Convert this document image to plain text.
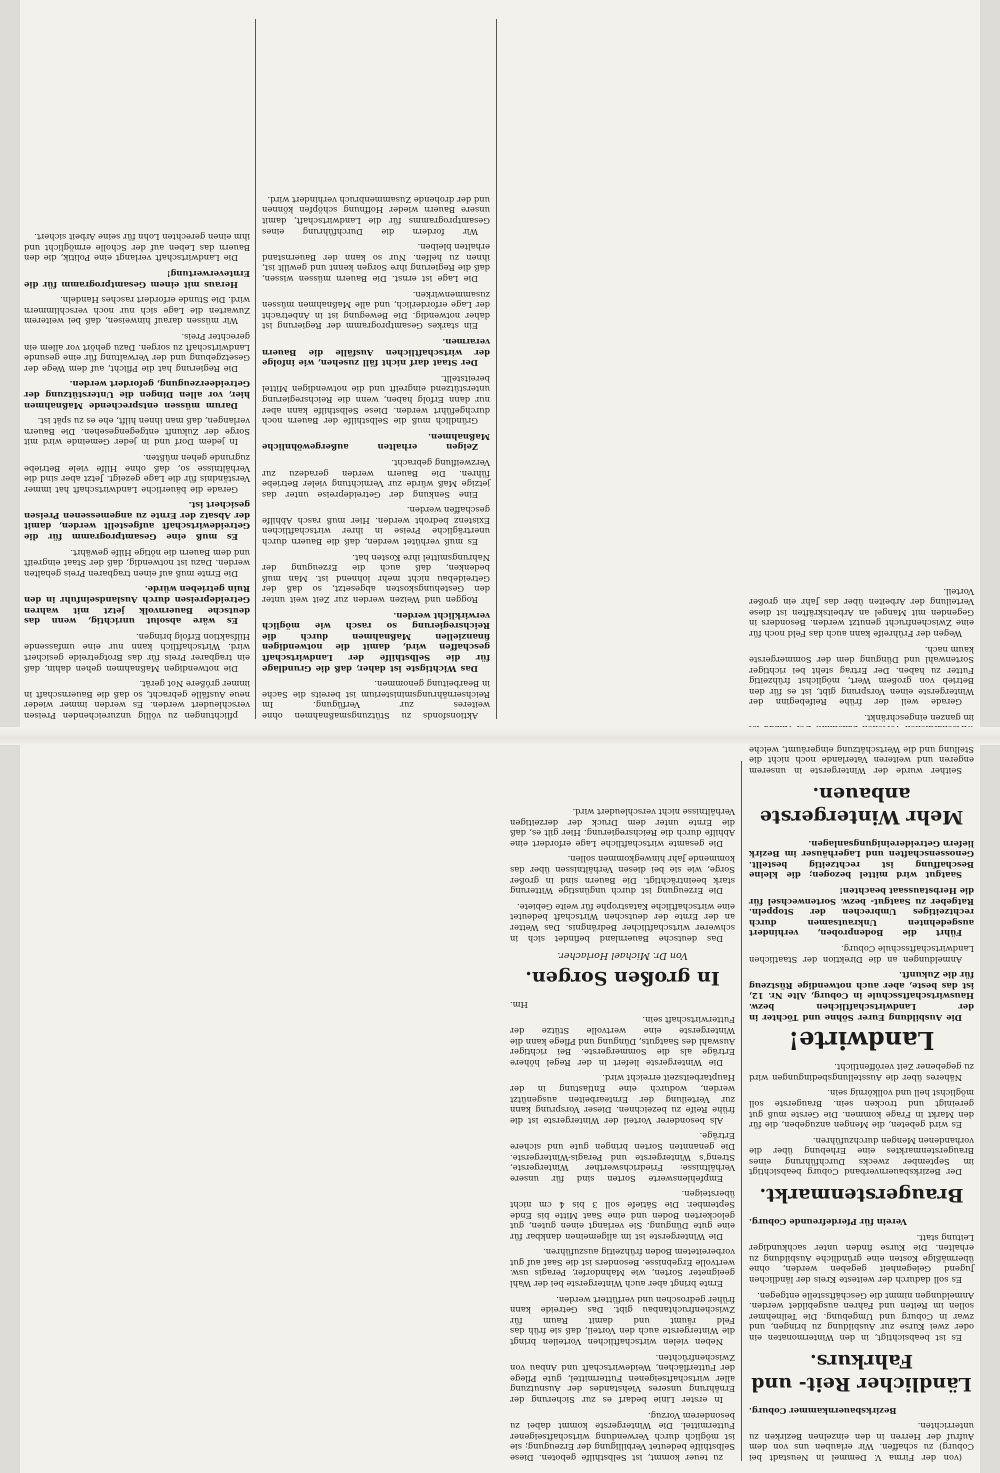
(von der Firma V. Demmel in Neustadt bei Coburg) zu schaffen. Wir erlauben uns von dem Aufruf der Herren in den einzelnen Bezirken zu unterrichten.

Bezirksbauernkammer Coburg.

Ländlicher Reit- und Fahrkurs.

Es ist beabsichtigt, in den Wintermonaten ein oder zwei Kurse zur Ausbildung zu bringen, und zwar in Coburg und Umgebung. Die Teilnehmer sollen im Reiten und Fahren ausgebildet werden. Anmeldungen nimmt die Geschäftsstelle entgegen.

Es soll dadurch der weiteste Kreis der ländlichen Jugend Gelegenheit gegeben werden, ohne übermäßige Kosten eine gründliche Ausbildung zu erhalten. Die Kurse finden unter sachkundiger Leitung statt.

Verein für Pferdefreunde Coburg.

Braugerstenmarkt.

Der Bezirksbauernverband Coburg beabsichtigt im September zwecks Durchführung eines Braugerstenmarktes eine Erhebung über die vorhandenen Mengen durchzuführen.

Es wird gebeten, die Mengen anzugeben, die für den Markt in Frage kommen. Die Gerste muß gut gereinigt und trocken sein. Braugerste soll möglichst hell und vollkörnig sein.

Näheres über die Ausstellungsbedingungen wird zu gegebener Zeit veröffentlicht.

Landwirte!

Die Ausbildung Eurer Söhne und Töchter in der Landwirtschaftlichen bezw. Hauswirtschaftsschule in Coburg, Alte Nr. 12, ist das beste, aber auch notwendige Rüstzeug für die Zukunft.

Anmeldungen an die Direktion der Staatlichen Landwirtschaftsschule Coburg.

Führt die Bodenproben, verhindert ausgedehnten Unkrautsamen durch rechtzeitiges Umbrechen der Stoppeln. Ratgeber zu Saatgut- bezw. Sortenwechsel für die Herbstaussaat beachten!

Saatgut wird mittel bezogen; die kleine Beschaffung ist rechtzeitig bestellt. Genossenschaften und Lagerhäuser im Bezirk liefern Getreidereinigungsanlagen.

Mehr Wintergerste anbauen.

Seither wurde der Wintergerste in unserem engeren und weiteren Vaterlande noch nicht die Stellung und die Wertschätzung eingeräumt, welche im ganzen eingeschränkt.

Gerade weil der frühe Reifebeginn der Wintergerste einen Vorsprung gibt, ist es für den Betrieb von großem Wert, möglichst frühzeitig Futter zu haben. Der Ertrag steht bei richtiger Sortenwahl und Düngung dem der Sommergerste kaum nach.

Wegen der Frühreife kann auch das Feld noch für eine Zwischenfrucht genutzt werden. Besonders in Gegenden mit Mangel an Arbeitskräften ist diese Verteilung der Arbeiten über das Jahr ein großer Vorteil.

zu teuer kommt, ist Selbsthilfe geboten. Diese Selbsthilfe bedeutet Verbilligung der Erzeugung; sie ist möglich durch Verwendung wirtschaftseigener Futtermittel. Die Wintergerste kommt dabei zu besonderem Vorzug.

In erster Linie bedarf es zur Sicherung der Ernährung unseres Viehstandes der Ausnutzung aller wirtschaftseigenen Futtermittel, gute Pflege der Futterflächen, Weidewirtschaft und Anbau von Zwischenfrüchten.

Neben vielen wirtschaftlichen Vorteilen bringt die Wintergerste auch den Vorteil, daß sie früh das Feld räumt und damit Raum für Zwischenfruchtanbau gibt. Das Getreide kann früher gedroschen und verfüttert werden.

Ernte bringt aber auch Wintergerste bei der Wahl geeigneter Sorten, wie Mahndorfer, Peragis usw. wertvolle Ergebnisse. Besonders ist die Saat auf gut vorbereitetem Boden frühzeitig auszuführen.

Die Wintergerste ist im allgemeinen dankbar für eine gute Düngung. Sie verlangt einen guten, gut gelockerten Boden und eine Saat Mitte bis Ende September. Die Sätiefe soll 3 bis 4 cm nicht übersteigen.

Empfehlenswerte Sorten sind für unsere Verhältnisse: Friedrichswerther Wintergerste, Streng’s Wintergerste und Peragis-Wintergerste. Die genannten Sorten bringen gute und sichere Erträge.

Als besonderer Vorteil der Wintergerste ist die frühe Reife zu bezeichnen. Dieser Vorsprung kann zur Verteilung der Erntearbeiten ausgenützt werden, wodurch eine Entlastung in der Hauptarbeitszeit erreicht wird.

Die Wintergerste liefert in der Regel höhere Erträge als die Sommergerste. Bei richtiger Auswahl des Saatguts, Düngung und Pflege kann die Wintergerste eine wertvolle Stütze der Futterwirtschaft sein.

Hm.

In großen Sorgen.

Von Dr. Michael Horlacher.

Das deutsche Bauernland befindet sich in schwerer wirtschaftlicher Bedrängnis. Das Wetter an der Ernte der deutschen Wirtschaft bedeutet eine wirtschaftliche Katastrophe für weite Gebiete.

Die Erzeugung ist durch ungünstige Witterung stark beeinträchtigt. Die Bauern sind in großer Sorge, wie sie bei diesen Verhältnissen über das kommende Jahr hinwegkommen sollen.

Die gesamte wirtschaftliche Lage erfordert eine Abhilfe durch die Reichsregierung. Hier gilt es, daß die Ernte unter dem Druck der derzeitigen Verhältnisse nicht verschleudert wird.

Aktionsfonds zu Stützungsmaßnahmen ohne weiteres zur Verfügung. Im Reichsernährungsministerium ist bereits die Sache in Bearbeitung genommen.

Das Wichtigste ist daher, daß die Grundlage für die Selbsthilfe der Landwirtschaft geschaffen wird, damit die notwendigen finanziellen Maßnahmen durch die Reichsregierung so rasch wie möglich verwirklicht werden.

Roggen und Weizen werden zur Zeit weit unter den Gestehungskosten abgesetzt, so daß der Getreidebau nicht mehr lohnend ist. Man muß bedenken, daß auch die Erzeugung der Nahrungsmittel ihre Kosten hat.

Es muß verhütet werden, daß die Bauern durch unerträgliche Preise in ihrer wirtschaftlichen Existenz bedroht werden. Hier muß rasch Abhilfe geschaffen werden.

Eine Senkung der Getreidepreise unter das jetzige Maß würde zur Vernichtung vieler Betriebe führen. Die Bauern werden geradezu zur Verzweiflung gebracht.

Zeigen erhalten außergewöhnliche Maßnahmen.

Gründlich muß die Selbsthilfe der Bauern noch durchgeführt werden. Diese Selbsthilfe kann aber nur dann Erfolg haben, wenn die Reichsregierung unterstützend eingreift und die notwendigen Mittel bereitstellt.

Der Staat darf nicht fäll zusehen, wie infolge der wirtschaftlichen Ausfälle die Bauern verarmen.

Ein starkes Gesamtprogramm der Regierung ist daher notwendig. Die Bewegung ist in Anbetracht der Lage erforderlich, und alle Maßnahmen müssen zusammenwirken.

Die Lage ist ernst. Die Bauern müssen wissen, daß die Regierung ihre Sorgen kennt und gewillt ist, ihnen zu helfen. Nur so kann der Bauernstand erhalten bleiben.

Wir fordern die Durchführung eines Gesamtprogramms für die Landwirtschaft, damit unsere Bauern wieder Hoffnung schöpfen können und der drohende Zusammenbruch verhindert wird.

pflichtungen zu völlig unzureichenden Preisen verschleudert werden. Es werden immer wieder neue Ausfälle gebracht, so daß die Bauernschaft in immer größere Not gerät.

Die notwendigen Maßnahmen gehen dahin, daß ein tragbarer Preis für das Brotgetreide gesichert wird. Wirtschaftlich kann nur eine umfassende Hilfsaktion Erfolg bringen.

Es wäre absolut unrichtig, wenn das deutsche Bauernvolk jetzt mit wahren Getreidepreisen durch Auslandseinfuhr in den Ruin getrieben würde.

Die Ernte muß auf einen tragbaren Preis gehalten werden. Dazu ist notwendig, daß der Staat eingreift und dem Bauern die nötige Hilfe gewährt.

Es muß eine Gesamtprogramm für die Getreidewirtschaft aufgestellt werden, damit der Absatz der Ernte zu angemessenen Preisen gesichert ist.

Gerade die bäuerliche Landwirtschaft hat immer Verständnis für die Lage gezeigt. Jetzt aber sind die Verhältnisse so, daß ohne Hilfe viele Betriebe zugrunde gehen müßten.

In jedem Dorf und in jeder Gemeinde wird mit Sorge der Zukunft entgegengesehen. Die Bauern verlangen, daß man ihnen hilft, ehe es zu spät ist.

Darum müssen entsprechende Maßnahmen hier, vor allen Dingen die Unterstützung der Getreideerzeugung, gefordert werden.

Die Regierung hat die Pflicht, auf dem Wege der Gesetzgebung und der Verwaltung für eine gesunde Landwirtschaft zu sorgen. Dazu gehört vor allem ein gerechter Preis.

Wir müssen darauf hinweisen, daß bei weiterem Zuwarten die Lage sich nur noch verschlimmern wird. Die Stunde erfordert rasches Handeln.

Heraus mit einem Gesamtprogramm für die Ernteverwertung!

Die Landwirtschaft verlangt eine Politik, die den Bauern das Leben auf der Scholle ermöglicht und ihm einen gerechten Lohn für seine Arbeit sichert.
